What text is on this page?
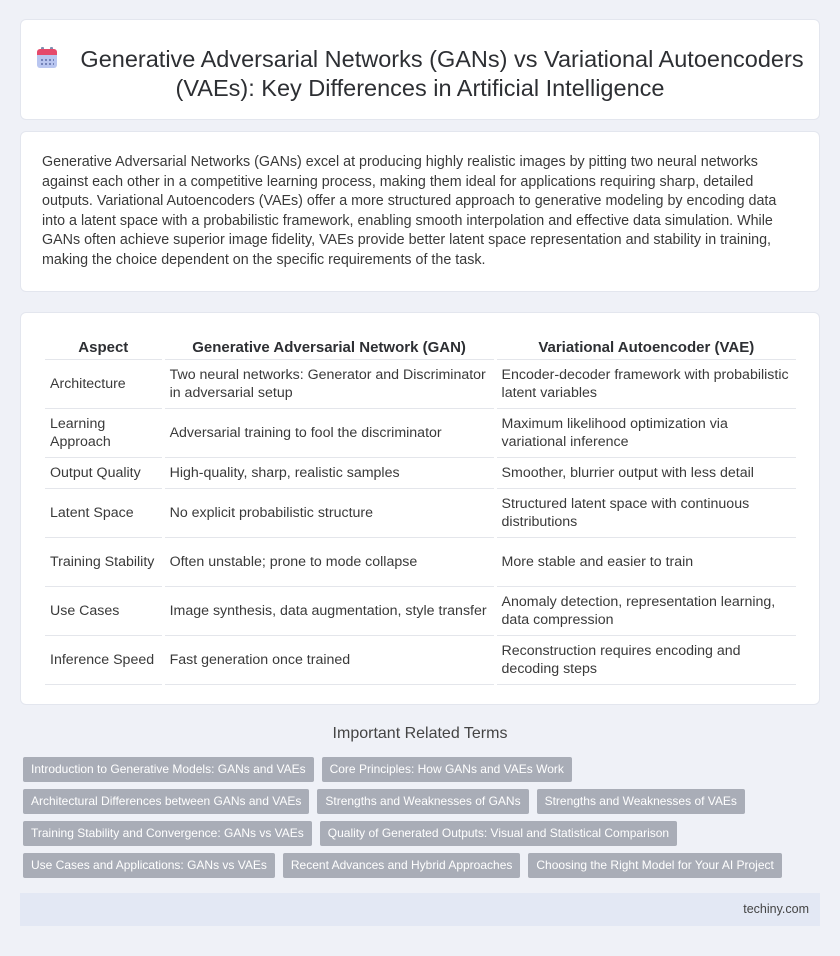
Generative Adversarial Networks (GANs) vs Variational Autoencoders (VAEs): Key Differences in Artificial Intelligence

Generative Adversarial Networks (GANs) excel at producing highly realistic images by pitting two neural networks against each other in a competitive learning process, making them ideal for applications requiring sharp, detailed outputs. Variational Autoencoders (VAEs) offer a more structured approach to generative modeling by encoding data into a latent space with a probabilistic framework, enabling smooth interpolation and effective data simulation. While GANs often achieve superior image fidelity, VAEs provide better latent space representation and stability in training, making the choice dependent on the specific requirements of the task.

Aspect	Generative Adversarial Network (GAN)	Variational Autoencoder (VAE)
Architecture	Two neural networks: Generator and Discriminator in adversarial setup	Encoder-decoder framework with probabilistic latent variables
Learning Approach	Adversarial training to fool the discriminator	Maximum likelihood optimization via variational inference
Output Quality	High-quality, sharp, realistic samples	Smoother, blurrier output with less detail
Latent Space	No explicit probabilistic structure	Structured latent space with continuous distributions
Training Stability	Often unstable; prone to mode collapse	More stable and easier to train
Use Cases	Image synthesis, data augmentation, style transfer	Anomaly detection, representation learning, data compression
Inference Speed	Fast generation once trained	Reconstruction requires encoding and decoding steps
Important Related Terms
Introduction to Generative Models: GANs and VAEs Core Principles: How GANs and VAEs Work
Architectural Differences between GANs and VAEs Strengths and Weaknesses of GANs Strengths and Weaknesses of VAEs
Training Stability and Convergence: GANs vs VAEs Quality of Generated Outputs: Visual and Statistical Comparison
Use Cases and Applications: GANs vs VAEs Recent Advances and Hybrid Approaches Choosing the Right Model for Your AI Project
techiny.com
